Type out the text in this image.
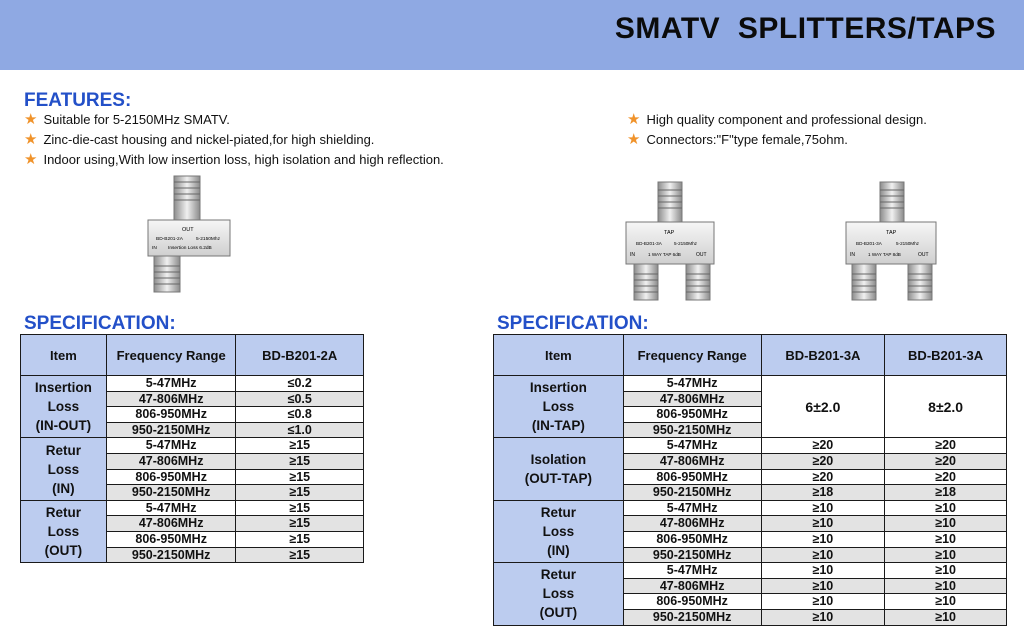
SMATV  SPLITTERS/TAPS
FEATURES:
★ Suitable for 5-2150MHz SMATV.
★ Zinc-die-cast housing and nickel-piated,for high shielding.
★ Indoor using,With low insertion loss, high isolation and high reflection.
★ High quality component and professional design.
★ Connectors:"F"type female,75ohm.
OUT
BD-B201-2A	5-2150Mhz
IN Insertion Loss 6.2dB
TAP
BD-B201-3A	5-2150Mhz
IN	1 WAY TAP 6dB	OUT
TAP
BD-B201-3A	5-2150Mhz
IN	1 WAY TAP 8dB	OUT
SPECIFICATION:	SPECIFICATION:
Item	Frequency Range	BD-B201-2A

Insertion
Loss
(IN-OUT)	5-47MHz	≤0.2
	47-806MHz	≤0.5
	806-950MHz	≤0.8
	950-2150MHz	≤1.0

Retur
Loss
(IN)	5-47MHz	≥15
	47-806MHz	≥15
	806-950MHz	≥15
	950-2150MHz	≥15

Retur
Loss
(OUT)	5-47MHz	≥15
	47-806MHz	≥15
	806-950MHz	≥15
	950-2150MHz	≥15
Item	Frequency Range	BD-B201-3A	BD-B201-3A

Insertion
Loss
(IN-TAP)	5-47MHz	6±2.0	8±2.0
	47-806MHz		
	806-950MHz		
	950-2150MHz		

Isolation
(OUT-TAP)	5-47MHz	≥20	≥20
	47-806MHz	≥20	≥20
	806-950MHz	≥20	≥20
	950-2150MHz	≥18	≥18

Retur
Loss
(IN)	5-47MHz	≥10	≥10
	47-806MHz	≥10	≥10
	806-950MHz	≥10	≥10
	950-2150MHz	≥10	≥10

Retur
Loss
(OUT)	5-47MHz	≥10	≥10
	47-806MHz	≥10	≥10
	806-950MHz	≥10	≥10
	950-2150MHz	≥10	≥10
